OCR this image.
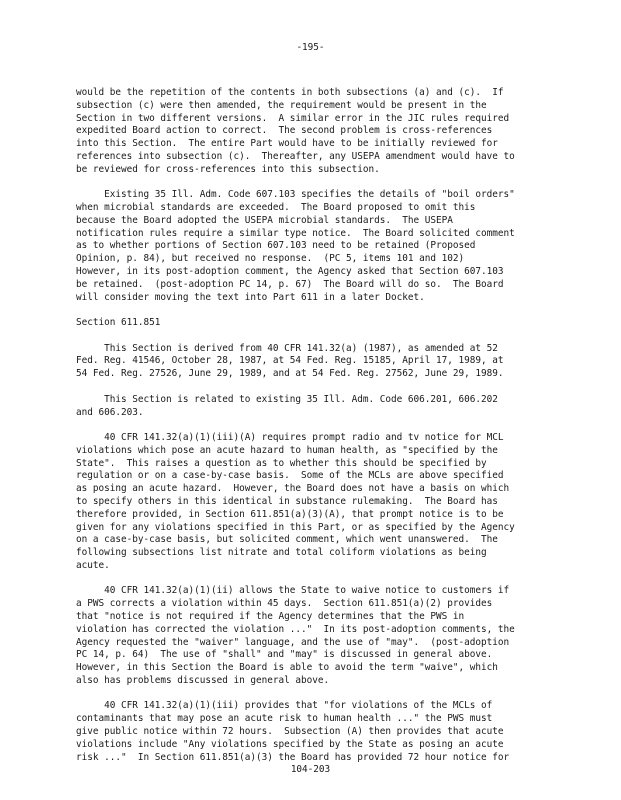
-195-
would be the repetition of the contents in both subsections (a) and (c).  If
subsection (c) were then amended, the requirement would be present in the
Section in two different versions.  A similar error in the JIC rules required
expedited Board action to correct.  The second problem is cross-references
into this Section.  The entire Part would have to be initially reviewed for
references into subsection (c).  Thereafter, any USEPA amendment would have to
be reviewed for cross-references into this subsection.
Existing 35 Ill. Adm. Code 607.103 specifies the details of "boil orders"
when microbial standards are exceeded.  The Board proposed to omit this
because the Board adopted the USEPA microbial standards.  The USEPA
notification rules require a similar type notice.  The Board solicited comment
as to whether portions of Section 607.103 need to be retained (Proposed
Opinion, p. 84), but received no response.  (PC 5, items 101 and 102)
However, in its post-adoption comment, the Agency asked that Section 607.103
be retained.  (post-adoption PC 14, p. 67)  The Board will do so.  The Board
will consider moving the text into Part 611 in a later Docket.
Section 611.851
This Section is derived from 40 CFR 141.32(a) (1987), as amended at 52
Fed. Reg. 41546, October 28, 1987, at 54 Fed. Reg. 15185, April 17, 1989, at
54 Fed. Reg. 27526, June 29, 1989, and at 54 Fed. Reg. 27562, June 29, 1989.
This Section is related to existing 35 Ill. Adm. Code 606.201, 606.202
and 606.203.
40 CFR 141.32(a)(1)(iii)(A) requires prompt radio and tv notice for MCL
violations which pose an acute hazard to human health, as "specified by the
State".  This raises a question as to whether this should be specified by
regulation or on a case-by-case basis.  Some of the MCLs are above specified
as posing an acute hazard.  However, the Board does not have a basis on which
to specify others in this identical in substance rulemaking.  The Board has
therefore provided, in Section 611.851(a)(3)(A), that prompt notice is to be
given for any violations specified in this Part, or as specified by the Agency
on a case-by-case basis, but solicited comment, which went unanswered.  The
following subsections list nitrate and total coliform violations as being
acute.
40 CFR 141.32(a)(1)(ii) allows the State to waive notice to customers if
a PWS corrects a violation within 45 days.  Section 611.851(a)(2) provides
that "notice is not required if the Agency determines that the PWS in
violation has corrected the violation ..."  In its post-adoption comments, the
Agency requested the "waiver" language, and the use of "may".  (post-adoption
PC 14, p. 64)  The use of "shall" and "may" is discussed in general above.
However, in this Section the Board is able to avoid the term "waive", which
also has problems discussed in general above.
40 CFR 141.32(a)(1)(iii) provides that "for violations of the MCLs of
contaminants that may pose an acute risk to human health ..." the PWS must
give public notice within 72 hours.  Subsection (A) then provides that acute
violations include "Any violations specified by the State as posing an acute
risk ..."  In Section 611.851(a)(3) the Board has provided 72 hour notice for
104-203
